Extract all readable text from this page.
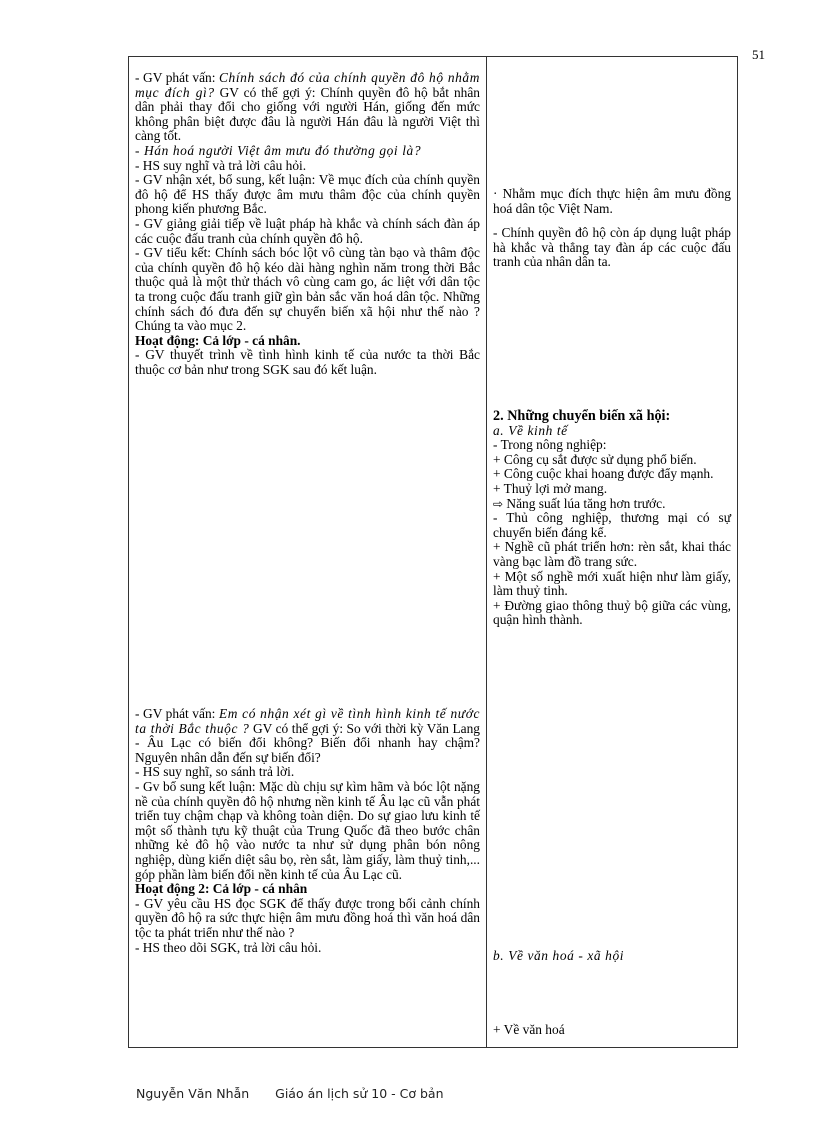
51

- GV phát vấn: Chính sách đó của chính quyền đô hộ nhằm mục đích gì? GV có thể gợi ý: Chính quyền đô hộ bắt nhân dân phải thay đổi cho giống với người Hán, giống đến mức không phân biệt được đâu là người Hán đâu là người Việt thì càng tốt.

- Hán hoá người Việt âm mưu đó thường gọi là?

- HS suy nghĩ và trả lời câu hỏi.

- GV nhận xét, bổ sung, kết luận: Về mục đích của chính quyền đô hộ để HS thấy được âm mưu thâm độc của chính quyền phong kiến phương Bắc.

- GV giảng giải tiếp về luật pháp hà khắc và chính sách đàn áp các cuộc đấu tranh của chính quyền đô hộ.

- GV tiểu kết: Chính sách bóc lột vô cùng tàn bạo và thâm độc của chính quyền đô hộ kéo dài hàng nghìn năm trong thời Bắc thuộc quả là một thử thách vô cùng cam go, ác liệt với dân tộc ta trong cuộc đấu tranh giữ gìn bản sắc văn hoá dân tộc. Những chính sách đó đưa đến sự chuyển biến xã hội như thế nào ? Chúng ta vào mục 2.

Hoạt động: Cả lớp - cá nhân.

- GV thuyết trình về tình hình kinh tế của nước ta thời Bắc thuộc cơ bản như trong SGK sau đó kết luận.

- GV phát vấn: Em có nhận xét gì về tình hình kinh tế nước ta thời Bắc thuộc ? GV có thể gợi ý: So với thời kỳ Văn Lang - Âu Lạc có biến đổi không? Biến đổi nhanh hay chậm? Nguyên nhân dẫn đến sự biến đổi?

- HS suy nghĩ, so sánh trả lời.

- Gv bổ sung kết luận: Mặc dù chịu sự kìm hãm và bóc lột nặng nề của chính quyền đô hộ nhưng nền kinh tế Âu lạc cũ vẫn phát triển tuy chậm chạp và không toàn diện. Do sự giao lưu kinh tế một số thành tựu kỹ thuật của Trung Quốc đã theo bước chân những kẻ đô hộ vào nước ta như sử dụng phân bón nông nghiệp, dùng kiến diệt sâu bọ, rèn sắt, làm giấy, làm thuỷ tinh,... góp phần làm biến đổi nền kinh tế của Âu Lạc cũ.

Hoạt động 2: Cả lớp - cá nhân

- GV yêu cầu HS đọc SGK để thấy được trong bối cảnh chính quyền đô hộ ra sức thực hiện âm mưu đồng hoá thì văn hoá dân tộc ta phát triển như thế nào ?

- HS theo dõi SGK, trả lời câu hỏi.

· Nhằm mục đích thực hiện âm mưu đồng hoá dân tộc Việt Nam.

- Chính quyền đô hộ còn áp dụng luật pháp hà khắc và thẳng tay đàn áp các cuộc đấu tranh của nhân dân ta.

2. Những chuyển biến xã hội:

a. Về kinh tế

- Trong nông nghiệp:

+ Công cụ sắt được sử dụng phổ biến.

+ Công cuộc khai hoang được đẩy mạnh.

+ Thuỷ lợi mở mang.

⇨ Năng suất lúa tăng hơn trước.

- Thủ công nghiệp, thương mại có sự chuyển biến đáng kể.

+ Nghề cũ phát triển hơn: rèn sắt, khai thác vàng bạc làm đồ trang sức.

+ Một số nghề mới xuất hiện như làm giấy, làm thuỷ tinh.

+ Đường giao thông thuỷ bộ giữa các vùng, quận hình thành.

b. Về văn hoá - xã hội

+ Về văn hoá

Nguyễn Văn Nhẫn Giáo án lịch sử 10 - Cơ bản
